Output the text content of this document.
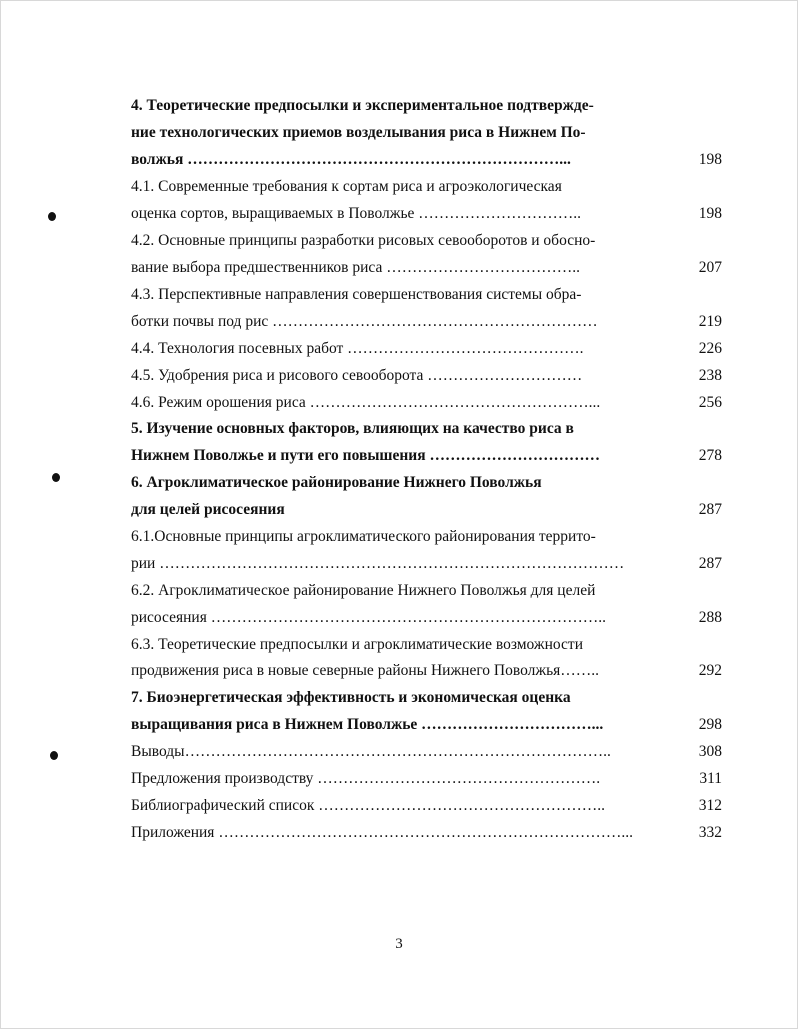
4. Теоретические предпосылки и экспериментальное подтвержде-
ние технологических приемов возделывания риса в Нижнем По-
волжья ………………………………………………………………...	198
4.1. Современные требования к сортам риса и агроэкологическая
оценка сортов, выращиваемых в Поволжье …………………………..	198
4.2. Основные принципы разработки рисовых севооборотов и обосно-
вание выбора предшественников риса ………………………………..	207
4.3. Перспективные направления совершенствования системы обра-
ботки почвы под рис ………………………………………………………	219
4.4. Технология посевных работ ……………………………………….	226
4.5. Удобрения риса и рисового севооборота …………………………	238
4.6. Режим орошения риса ………………………………………………...	256
5. Изучение основных факторов, влияющих на качество риса в
Нижнем Поволжье и пути его повышения ……………………………	278
6. Агроклиматическое районирование Нижнего Поволжья
для целей рисосеяния	287
6.1.Основные принципы агроклиматического районирования террито-
рии ………………………………………………………………………………	287
6.2. Агроклиматическое районирование Нижнего Поволжья для целей
рисосеяния …………………………………………………………………..	288
6.3. Теоретические предпосылки и агроклиматические возможности
продвижения риса в новые северные районы Нижнего Поволжья……..	292
7. Биоэнергетическая эффективность и экономическая оценка
выращивания риса в Нижнем Поволжье ……………………………...	298
Выводы………………………………………………………………………..	308
Предложения производству ……………………………………………….	311
Библиографический список ………………………………………………..	312
Приложения ……………………………………………………………………...	332
3
